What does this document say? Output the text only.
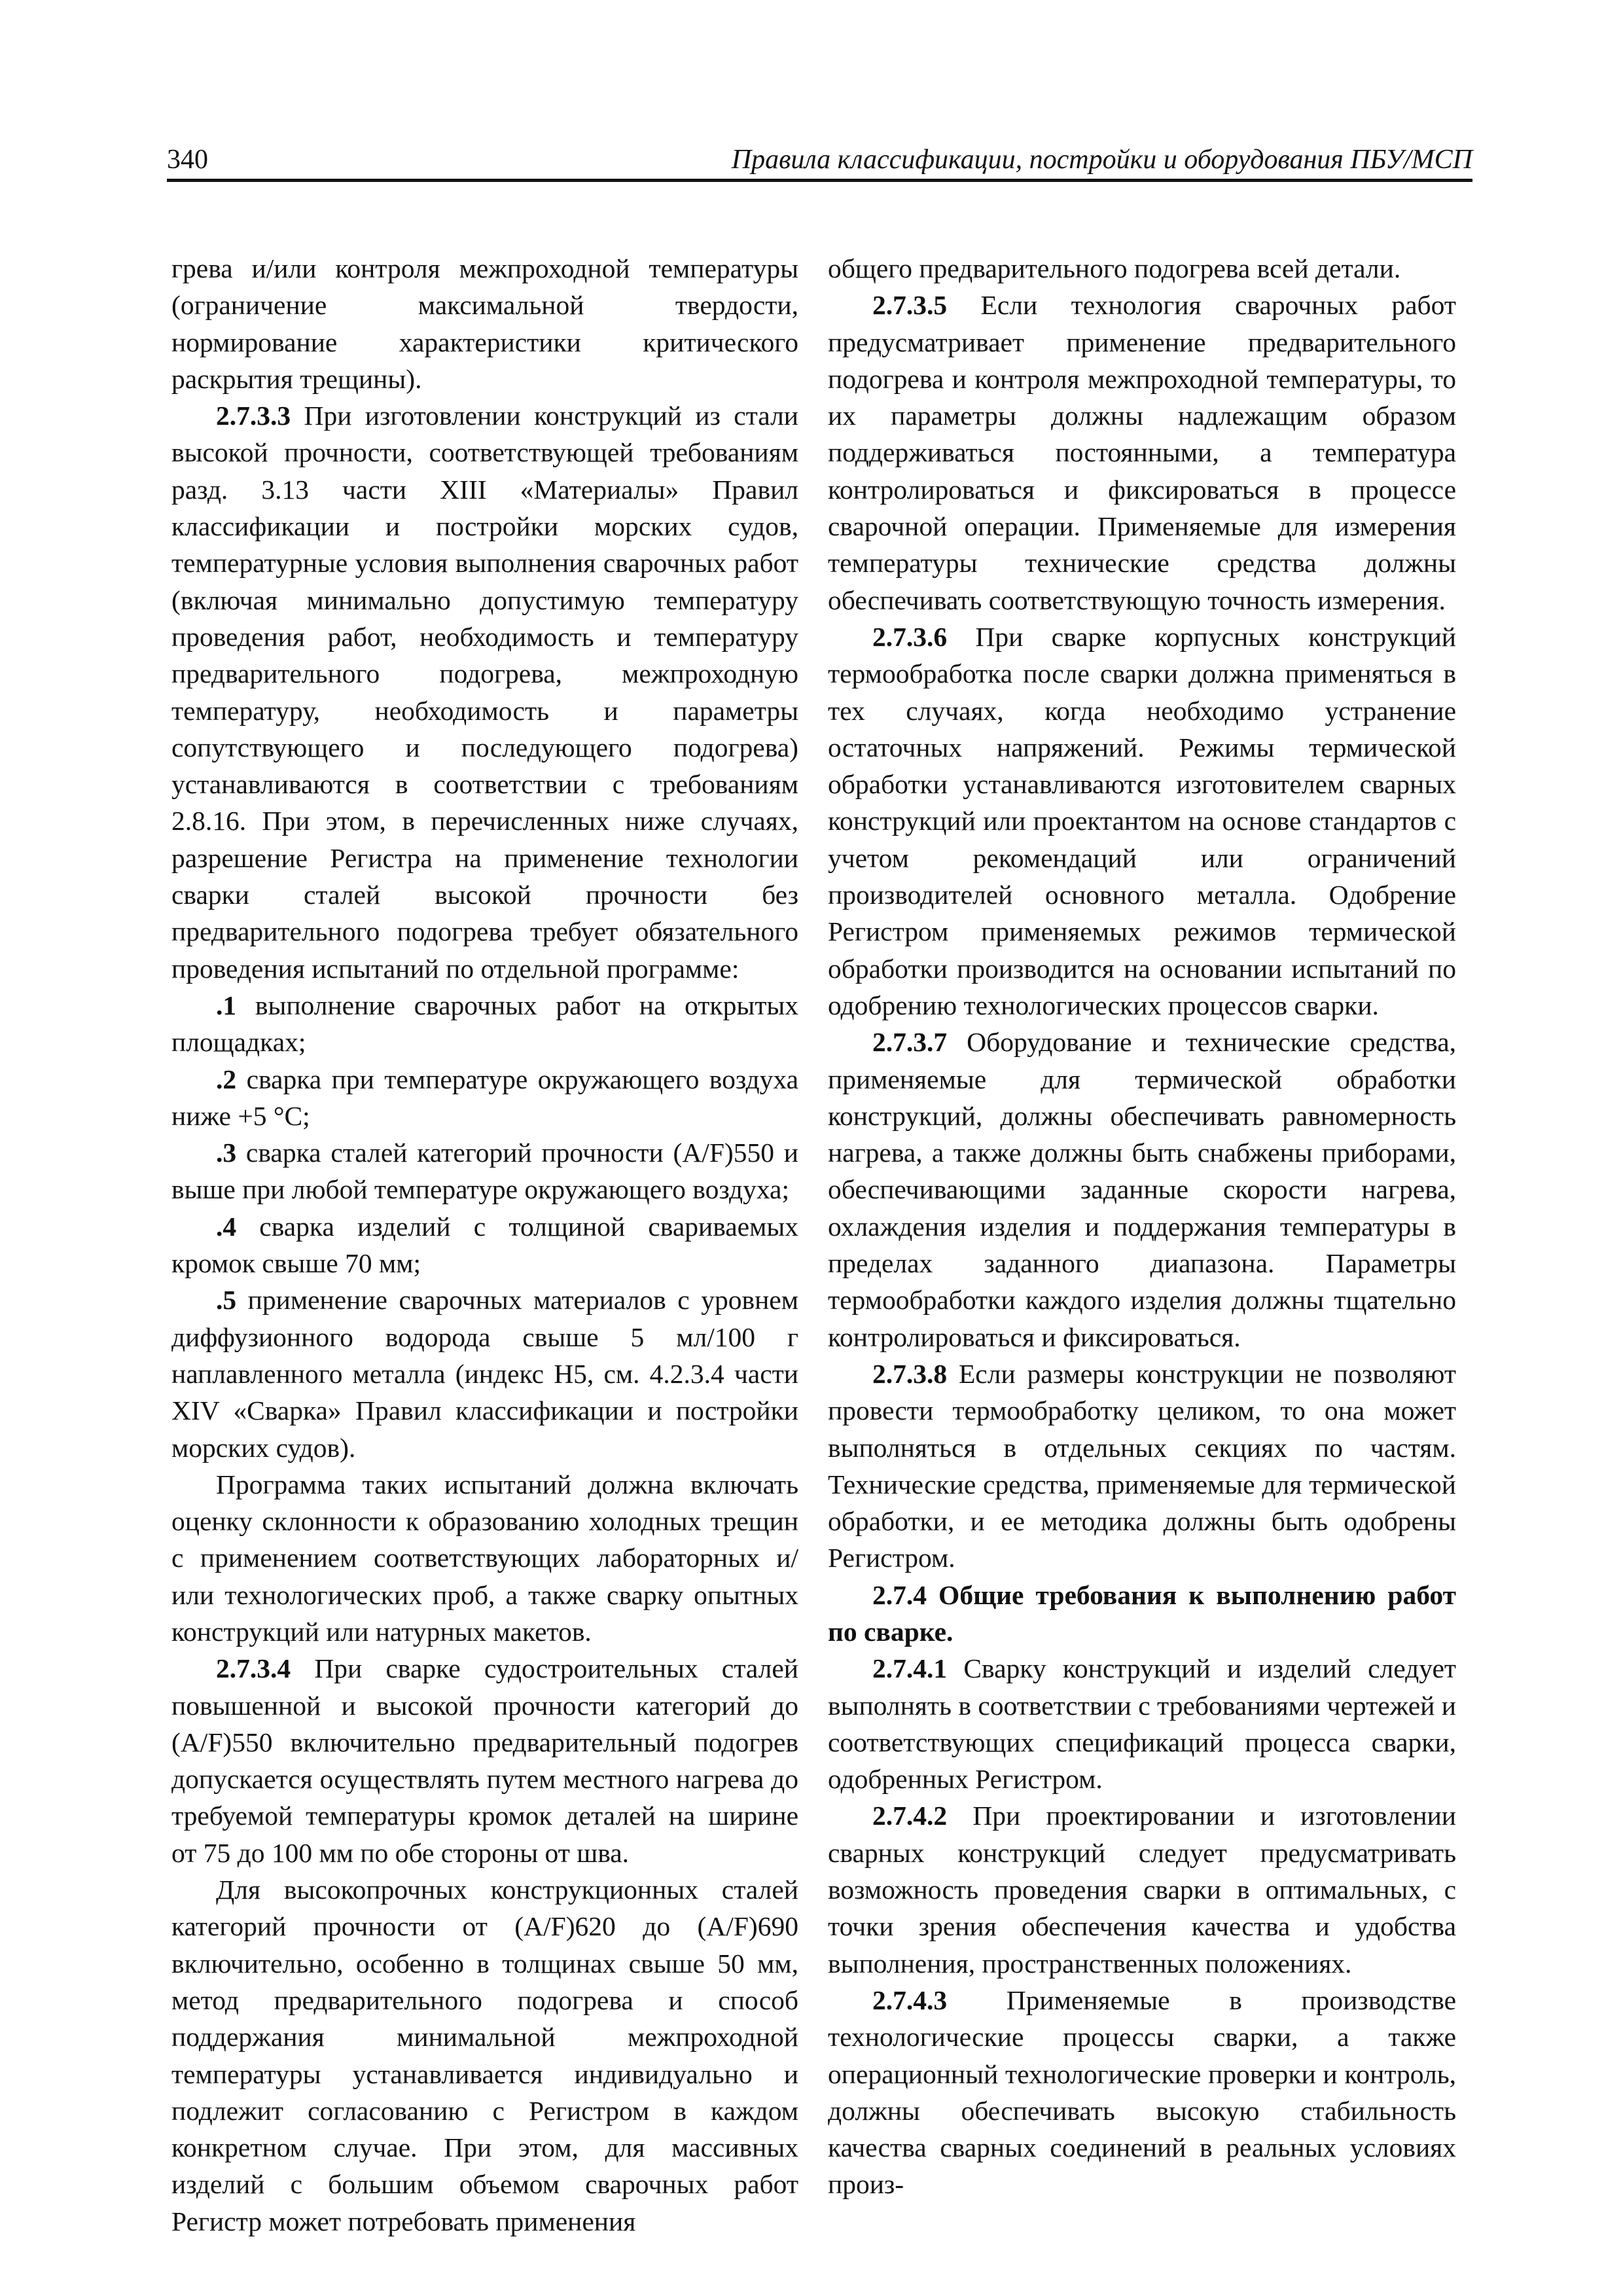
340	Правила классификации, постройки и оборудования ПБУ/МСП

грева и/или контроля межпроходной температуры (ограничение максимальной твердости, нормирование характеристики критического раскрытия трещины).

2.7.3.3 При изготовлении конструкций из стали высокой прочности, соответствующей требованиям разд. 3.13 части XIII «Материалы» Правил классификации и постройки морских судов, температурные условия выполнения сварочных работ (включая минимально допустимую температуру проведения работ, необходимость и температуру предварительного подогрева, межпроходную температуру, необходимость и параметры сопутствующего и последующего подогрева) устанавливаются в соответствии с требованиям 2.8.16. При этом, в перечисленных ниже случаях, разрешение Регистра на применение технологии сварки сталей высокой прочности без предварительного подогрева требует обязательного проведения испытаний по отдельной программе:

.1 выполнение сварочных работ на открытых площадках;

.2 сварка при температуре окружающего воздуха ниже +5 °С;

.3 сварка сталей категорий прочности (A/F)550 и выше при любой температуре окружающего воздуха;

.4 сварка изделий с толщиной свариваемых кромок свыше 70 мм;

.5 применение сварочных материалов с уровнем диффузионного водорода свыше 5 мл/100 г наплавленного металла (индекс H5, см. 4.2.3.4 части XIV «Сварка» Правил классификации и постройки морских судов).

Программа таких испытаний должна включать оценку склонности к образованию холодных трещин с применением соответствующих лабораторных и/или технологических проб, а также сварку опытных конструкций или натурных макетов.

2.7.3.4 При сварке судостроительных сталей повышенной и высокой прочности категорий до (A/F)550 включительно предварительный подогрев допускается осуществлять путем местного нагрева до требуемой температуры кромок деталей на ширине от 75 до 100 мм по обе стороны от шва.

Для высокопрочных конструкционных сталей категорий прочности от (A/F)620 до (A/F)690 включительно, особенно в толщинах свыше 50 мм, метод предварительного подогрева и способ поддержания минимальной межпроходной температуры устанавливается индивидуально и подлежит согласованию с Регистром в каждом конкретном случае. При этом, для массивных изделий с большим объемом сварочных работ Регистр может потребовать применения

общего предварительного подогрева всей детали.

2.7.3.5 Если технология сварочных работ предусматривает применение предварительного подогрева и контроля межпроходной температуры, то их параметры должны надлежащим образом поддерживаться постоянными, а температура контролироваться и фиксироваться в процессе сварочной операции. Применяемые для измерения температуры технические средства должны обеспечивать соответствующую точность измерения.

2.7.3.6 При сварке корпусных конструкций термообработка после сварки должна применяться в тех случаях, когда необходимо устранение остаточных напряжений. Режимы термической обработки устанавливаются изготовителем сварных конструкций или проектантом на основе стандартов с учетом рекомендаций или ограничений производителей основного металла. Одобрение Регистром применяемых режимов термической обработки производится на основании испытаний по одобрению технологических процессов сварки.

2.7.3.7 Оборудование и технические средства, применяемые для термической обработки конструкций, должны обеспечивать равномерность нагрева, а также должны быть снабжены приборами, обеспечивающими заданные скорости нагрева, охлаждения изделия и поддержания температуры в пределах заданного диапазона. Параметры термообработки каждого изделия должны тщательно контролироваться и фиксироваться.

2.7.3.8 Если размеры конструкции не позволяют провести термообработку целиком, то она может выполняться в отдельных секциях по частям. Технические средства, применяемые для термической обработки, и ее методика должны быть одобрены Регистром.

2.7.4 Общие требования к выполнению работ по сварке.

2.7.4.1 Сварку конструкций и изделий следует выполнять в соответствии с требованиями чертежей и соответствующих спецификаций процесса сварки, одобренных Регистром.

2.7.4.2 При проектировании и изготовлении сварных конструкций следует предусматривать возможность проведения сварки в оптимальных, с точки зрения обеспечения качества и удобства выполнения, пространственных положениях.

2.7.4.3 Применяемые в производстве технологические процессы сварки, а также операционный технологические проверки и контроль, должны обеспечивать высокую стабильность качества сварных соединений в реальных условиях произ-
